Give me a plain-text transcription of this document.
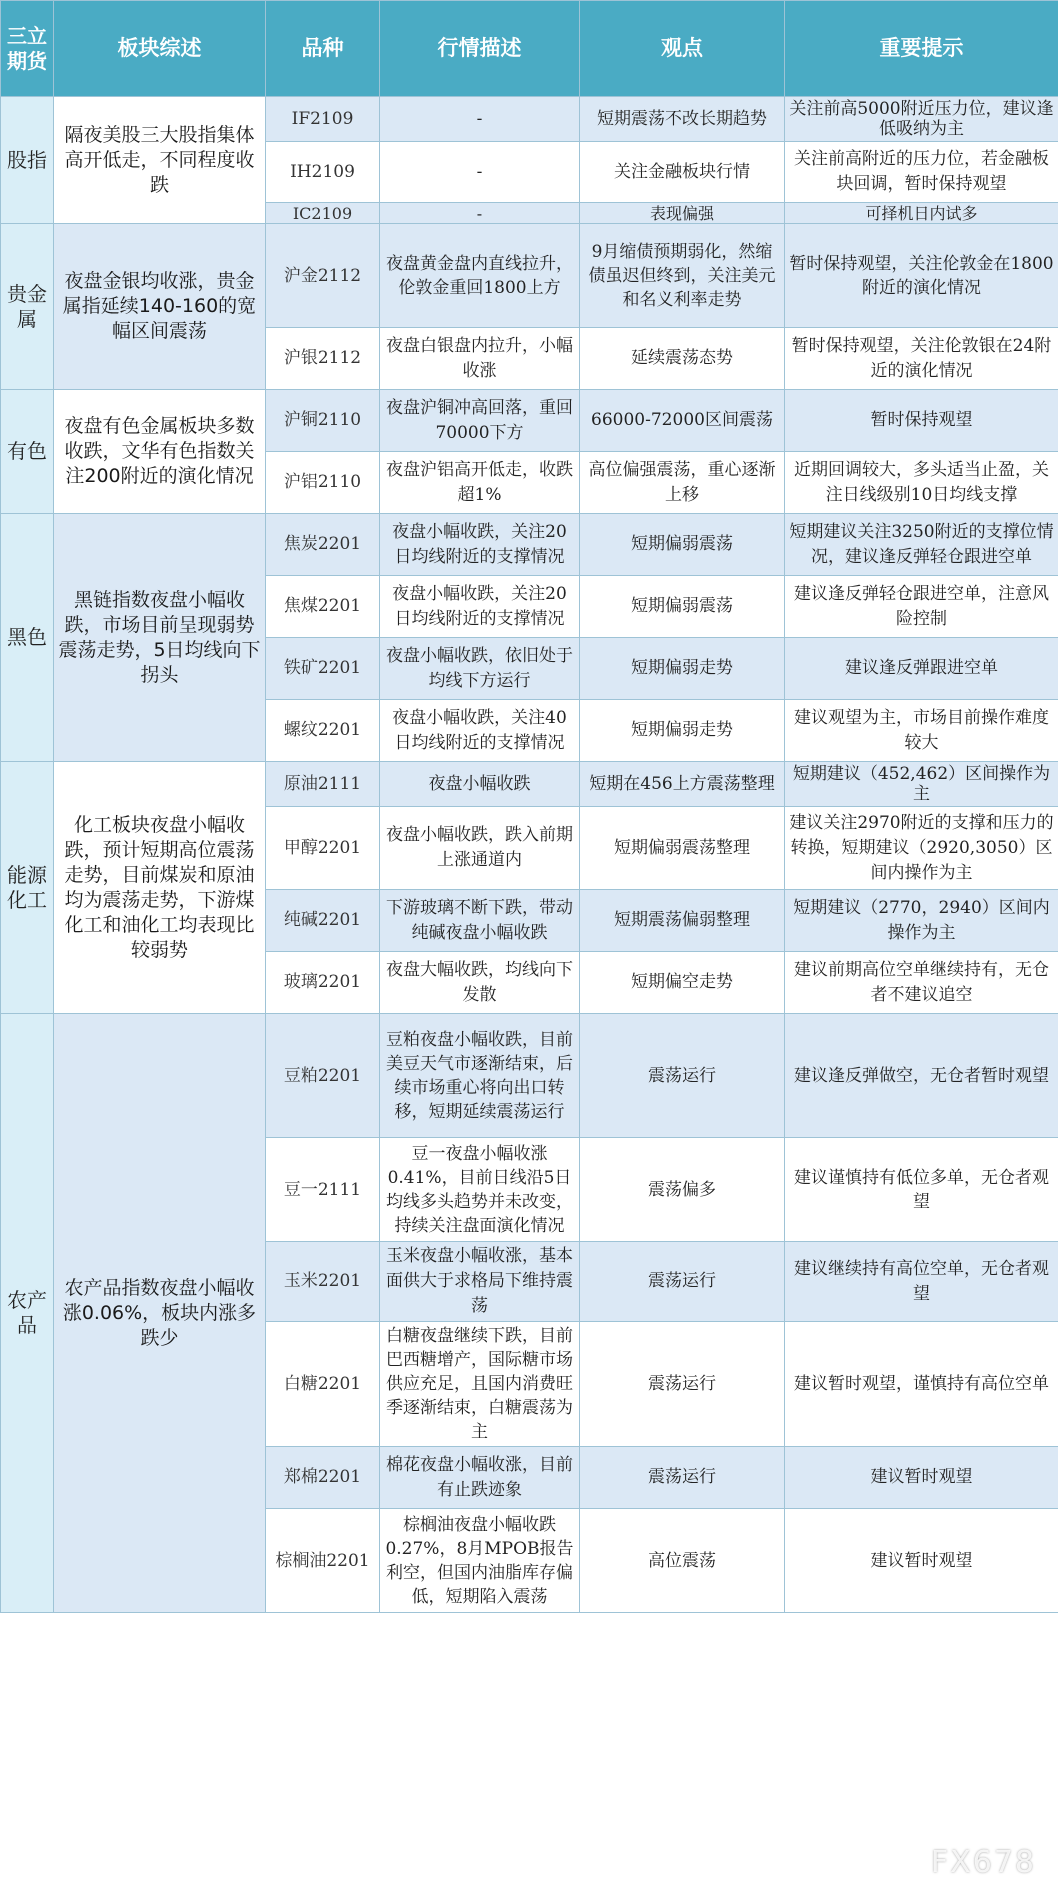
三立期货	板块综述	品种	行情描述	观点	重要提示
股指	隔夜美股三大股指集体高开低走，不同程度收跌	IF2109	-	短期震荡不改长期趋势	关注前高5000附近压力位，建议逢低吸纳为主
		IH2109	-	关注金融板块行情	关注前高附近的压力位，若金融板块回调，暂时保持观望
		IC2109	-	表现偏强	可择机日内试多
贵金属	夜盘金银均收涨，贵金属指延续140-160的宽幅区间震荡	沪金2112	夜盘黄金盘内直线拉升，伦敦金重回1800上方	9月缩债预期弱化，然缩债虽迟但终到，关注美元和名义利率走势	暂时保持观望，关注伦敦金在1800附近的演化情况
		沪银2112	夜盘白银盘内拉升，小幅收涨	延续震荡态势	暂时保持观望，关注伦敦银在24附近的演化情况
有色	夜盘有色金属板块多数收跌，文华有色指数关注200附近的演化情况	沪铜2110	夜盘沪铜冲高回落，重回70000下方	66000-72000区间震荡	暂时保持观望
		沪铝2110	夜盘沪铝高开低走，收跌超1%	高位偏强震荡，重心逐渐上移	近期回调较大，多头适当止盈，关注日线级别10日均线支撑
黑色	黑链指数夜盘小幅收跌，市场目前呈现弱势震荡走势，5日均线向下拐头	焦炭2201	夜盘小幅收跌，关注20日均线附近的支撑情况	短期偏弱震荡	短期建议关注3250附近的支撑位情况，建议逢反弹轻仓跟进空单
		焦煤2201	夜盘小幅收跌，关注20日均线附近的支撑情况	短期偏弱震荡	建议逢反弹轻仓跟进空单，注意风险控制
		铁矿2201	夜盘小幅收跌，依旧处于均线下方运行	短期偏弱走势	建议逢反弹跟进空单
		螺纹2201	夜盘小幅收跌，关注40日均线附近的支撑情况	短期偏弱走势	建议观望为主，市场目前操作难度较大
能源化工	化工板块夜盘小幅收跌，预计短期高位震荡走势，目前煤炭和原油均为震荡走势，下游煤化工和油化工均表现比较弱势	原油2111	夜盘小幅收跌	短期在456上方震荡整理	短期建议（452,462）区间操作为主
		甲醇2201	夜盘小幅收跌，跌入前期上涨通道内	短期偏弱震荡整理	建议关注2970附近的支撑和压力的转换，短期建议（2920,3050）区间内操作为主
		纯碱2201	下游玻璃不断下跌，带动纯碱夜盘小幅收跌	短期震荡偏弱整理	短期建议（2770，2940）区间内操作为主
		玻璃2201	夜盘大幅收跌，均线向下发散	短期偏空走势	建议前期高位空单继续持有，无仓者不建议追空
农产品	农产品指数夜盘小幅收涨0.06%，板块内涨多跌少	豆粕2201	豆粕夜盘小幅收跌，目前美豆天气市逐渐结束，后续市场重心将向出口转移，短期延续震荡运行	震荡运行	建议逢反弹做空，无仓者暂时观望
		豆一2111	豆一夜盘小幅收涨0.41%，目前日线沿5日均线多头趋势并未改变，持续关注盘面演化情况	震荡偏多	建议谨慎持有低位多单，无仓者观望
		玉米2201	玉米夜盘小幅收涨，基本面供大于求格局下维持震荡	震荡运行	建议继续持有高位空单，无仓者观望
		白糖2201	白糖夜盘继续下跌，目前巴西糖增产，国际糖市场供应充足，且国内消费旺季逐渐结束，白糖震荡为主	震荡运行	建议暂时观望，谨慎持有高位空单
		郑棉2201	棉花夜盘小幅收涨，目前有止跌迹象	震荡运行	建议暂时观望
		棕榈油2201	棕榈油夜盘小幅收跌0.27%，8月MPOB报告利空，但国内油脂库存偏低，短期陷入震荡	高位震荡	建议暂时观望
FX678
